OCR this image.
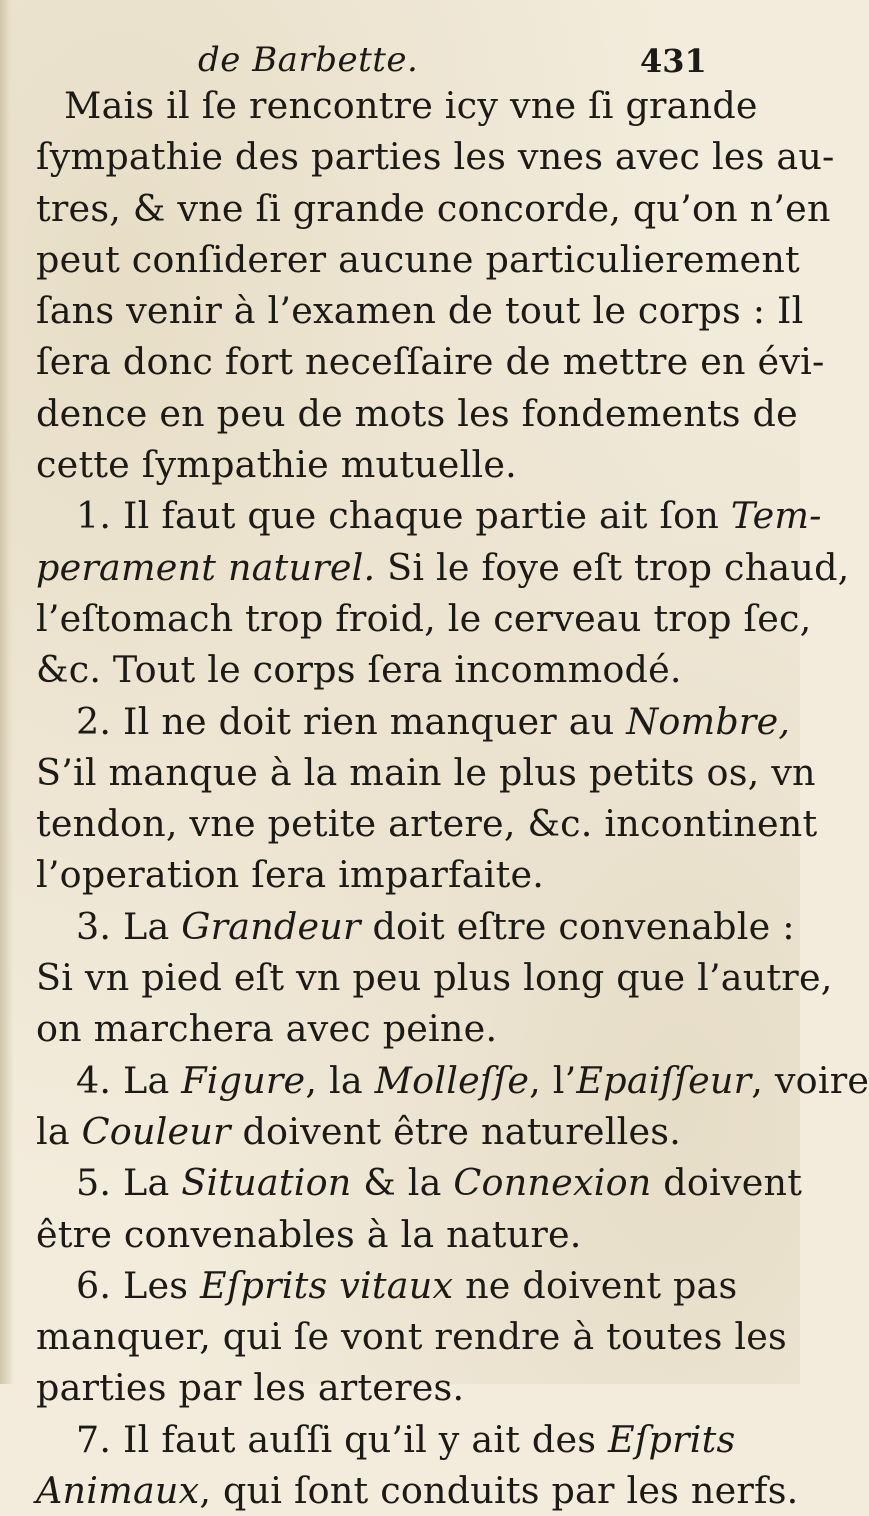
de Barbette.	431
Mais il ſe rencontre icy vne ſi grande
ſympathie des parties les vnes avec les au-
tres, & vne ſi grande concorde, qu’on n’en
peut conſiderer aucune particulierement
ſans venir à l’examen de tout le corps : Il
ſera donc fort neceſſaire de mettre en évi-
dence en peu de mots les fondements de
cette ſympathie mutuelle.
1. Il faut que chaque partie ait ſon Tem-
perament naturel. Si le foye eſt trop chaud,
l’eſtomach trop froid, le cerveau trop ſec,
&c. Tout le corps ſera incommodé.
2. Il ne doit rien manquer au Nombre,
S’il manque à la main le plus petits os, vn
tendon, vne petite artere, &c. incontinent
l’operation ſera imparfaite.
3. La Grandeur doit eſtre convenable :
Si vn pied eſt vn peu plus long que l’autre,
on marchera avec peine.
4. La Figure, la Molleſſe, l’Epaiſſeur, voire
la Couleur doivent être naturelles.
5. La Situation & la Connexion doivent
être convenables à la nature.
6. Les Eſprits vitaux ne doivent pas
manquer, qui ſe vont rendre à toutes les
parties par les arteres.
7. Il faut auſſi qu’il y ait des Eſprits
Animaux, qui ſont conduits par les nerfs.
